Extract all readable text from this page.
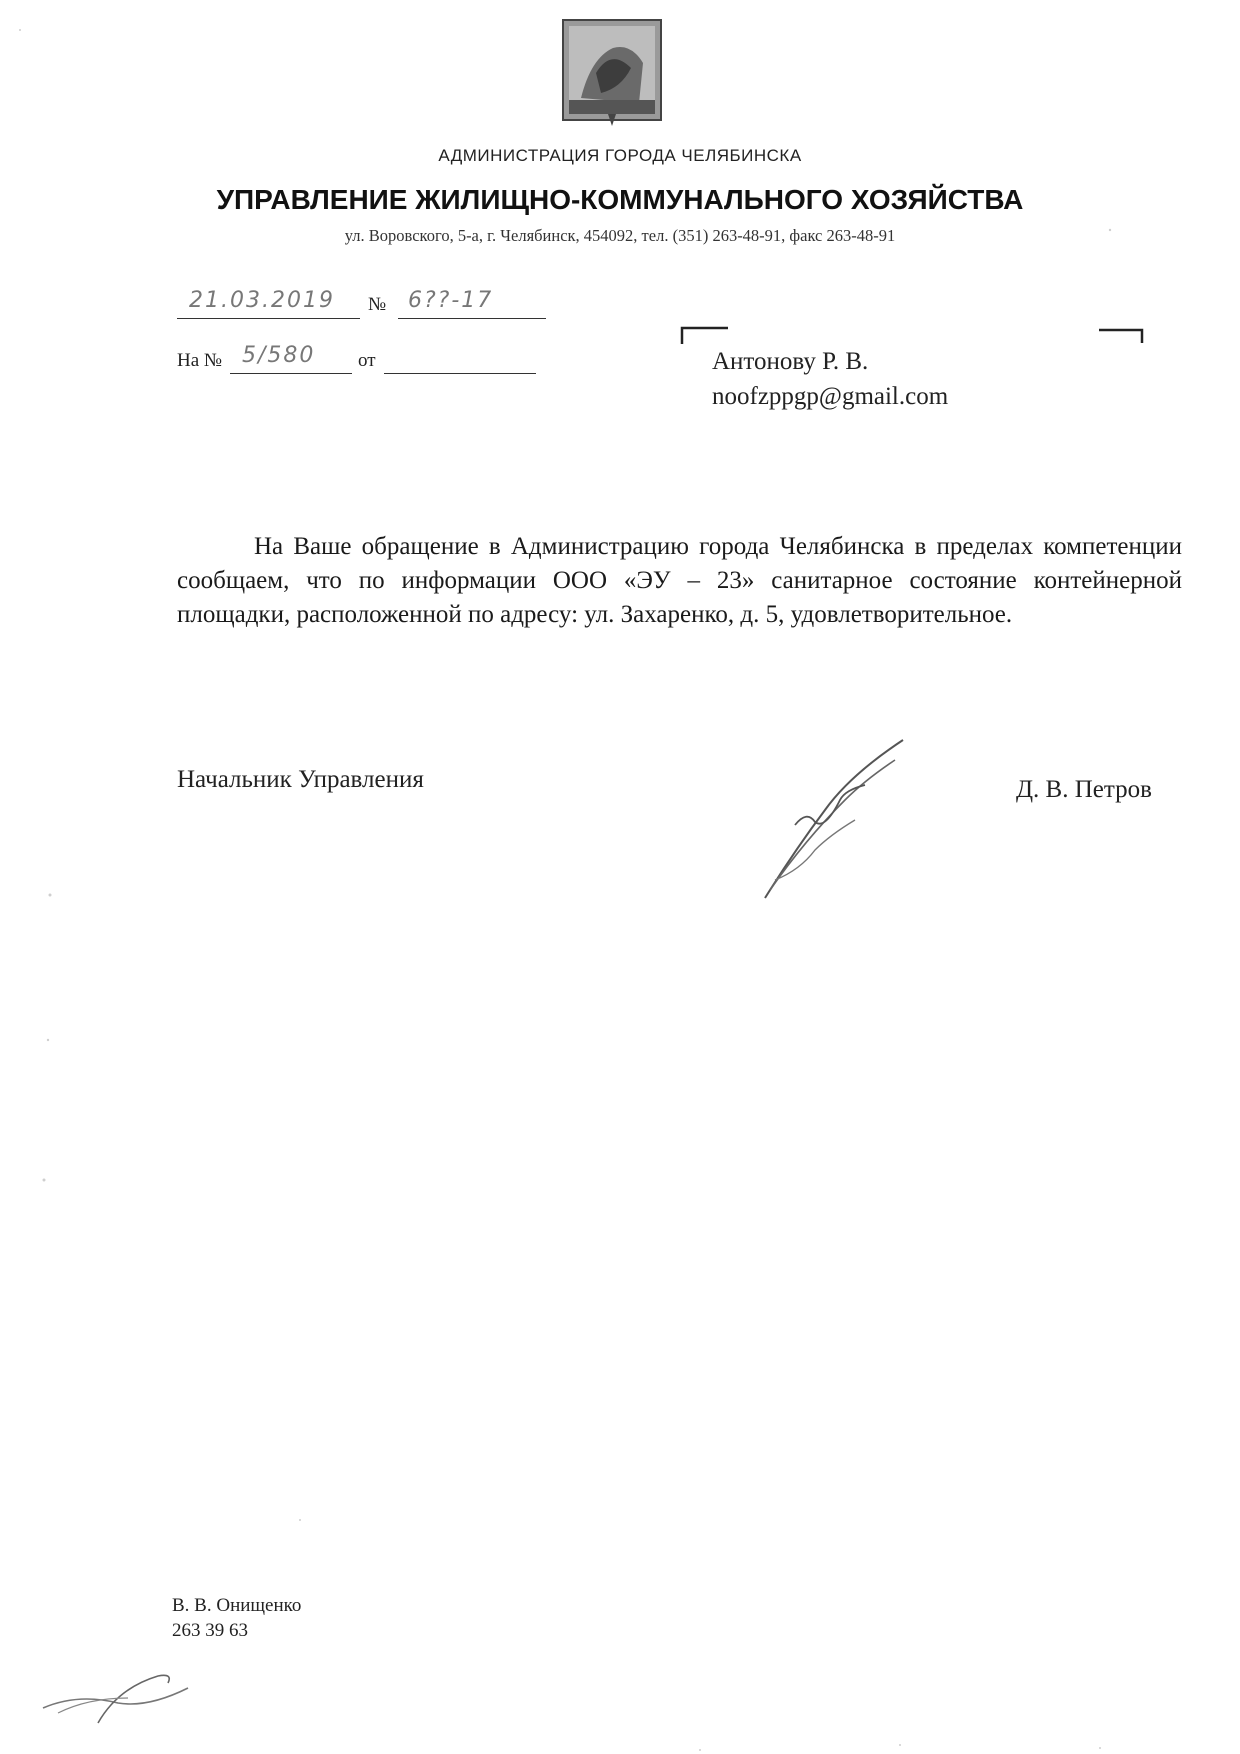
АДМИНИСТРАЦИЯ ГОРОДА ЧЕЛЯБИНСКА
УПРАВЛЕНИЕ ЖИЛИЩНО-КОММУНАЛЬНОГО ХОЗЯЙСТВА
ул. Воровского, 5-а, г. Челябинск, 454092, тел. (351) 263-48-91, факс 263-48-91
21.03.2019 № 6??-17
На № 5/580 от	Антонову Р. В.
noofzppgp@gmail.com

На Ваше обращение в Администрацию города Челябинска в пределах компетенции сообщаем, что по информации ООО «ЭУ – 23» санитарное состояние контейнерной площадки, расположенной по адресу: ул. Захаренко, д. 5, удовлетворительное.

Начальник Управления	Д. В. Петров
В. В. Онищенко
263 39 63
